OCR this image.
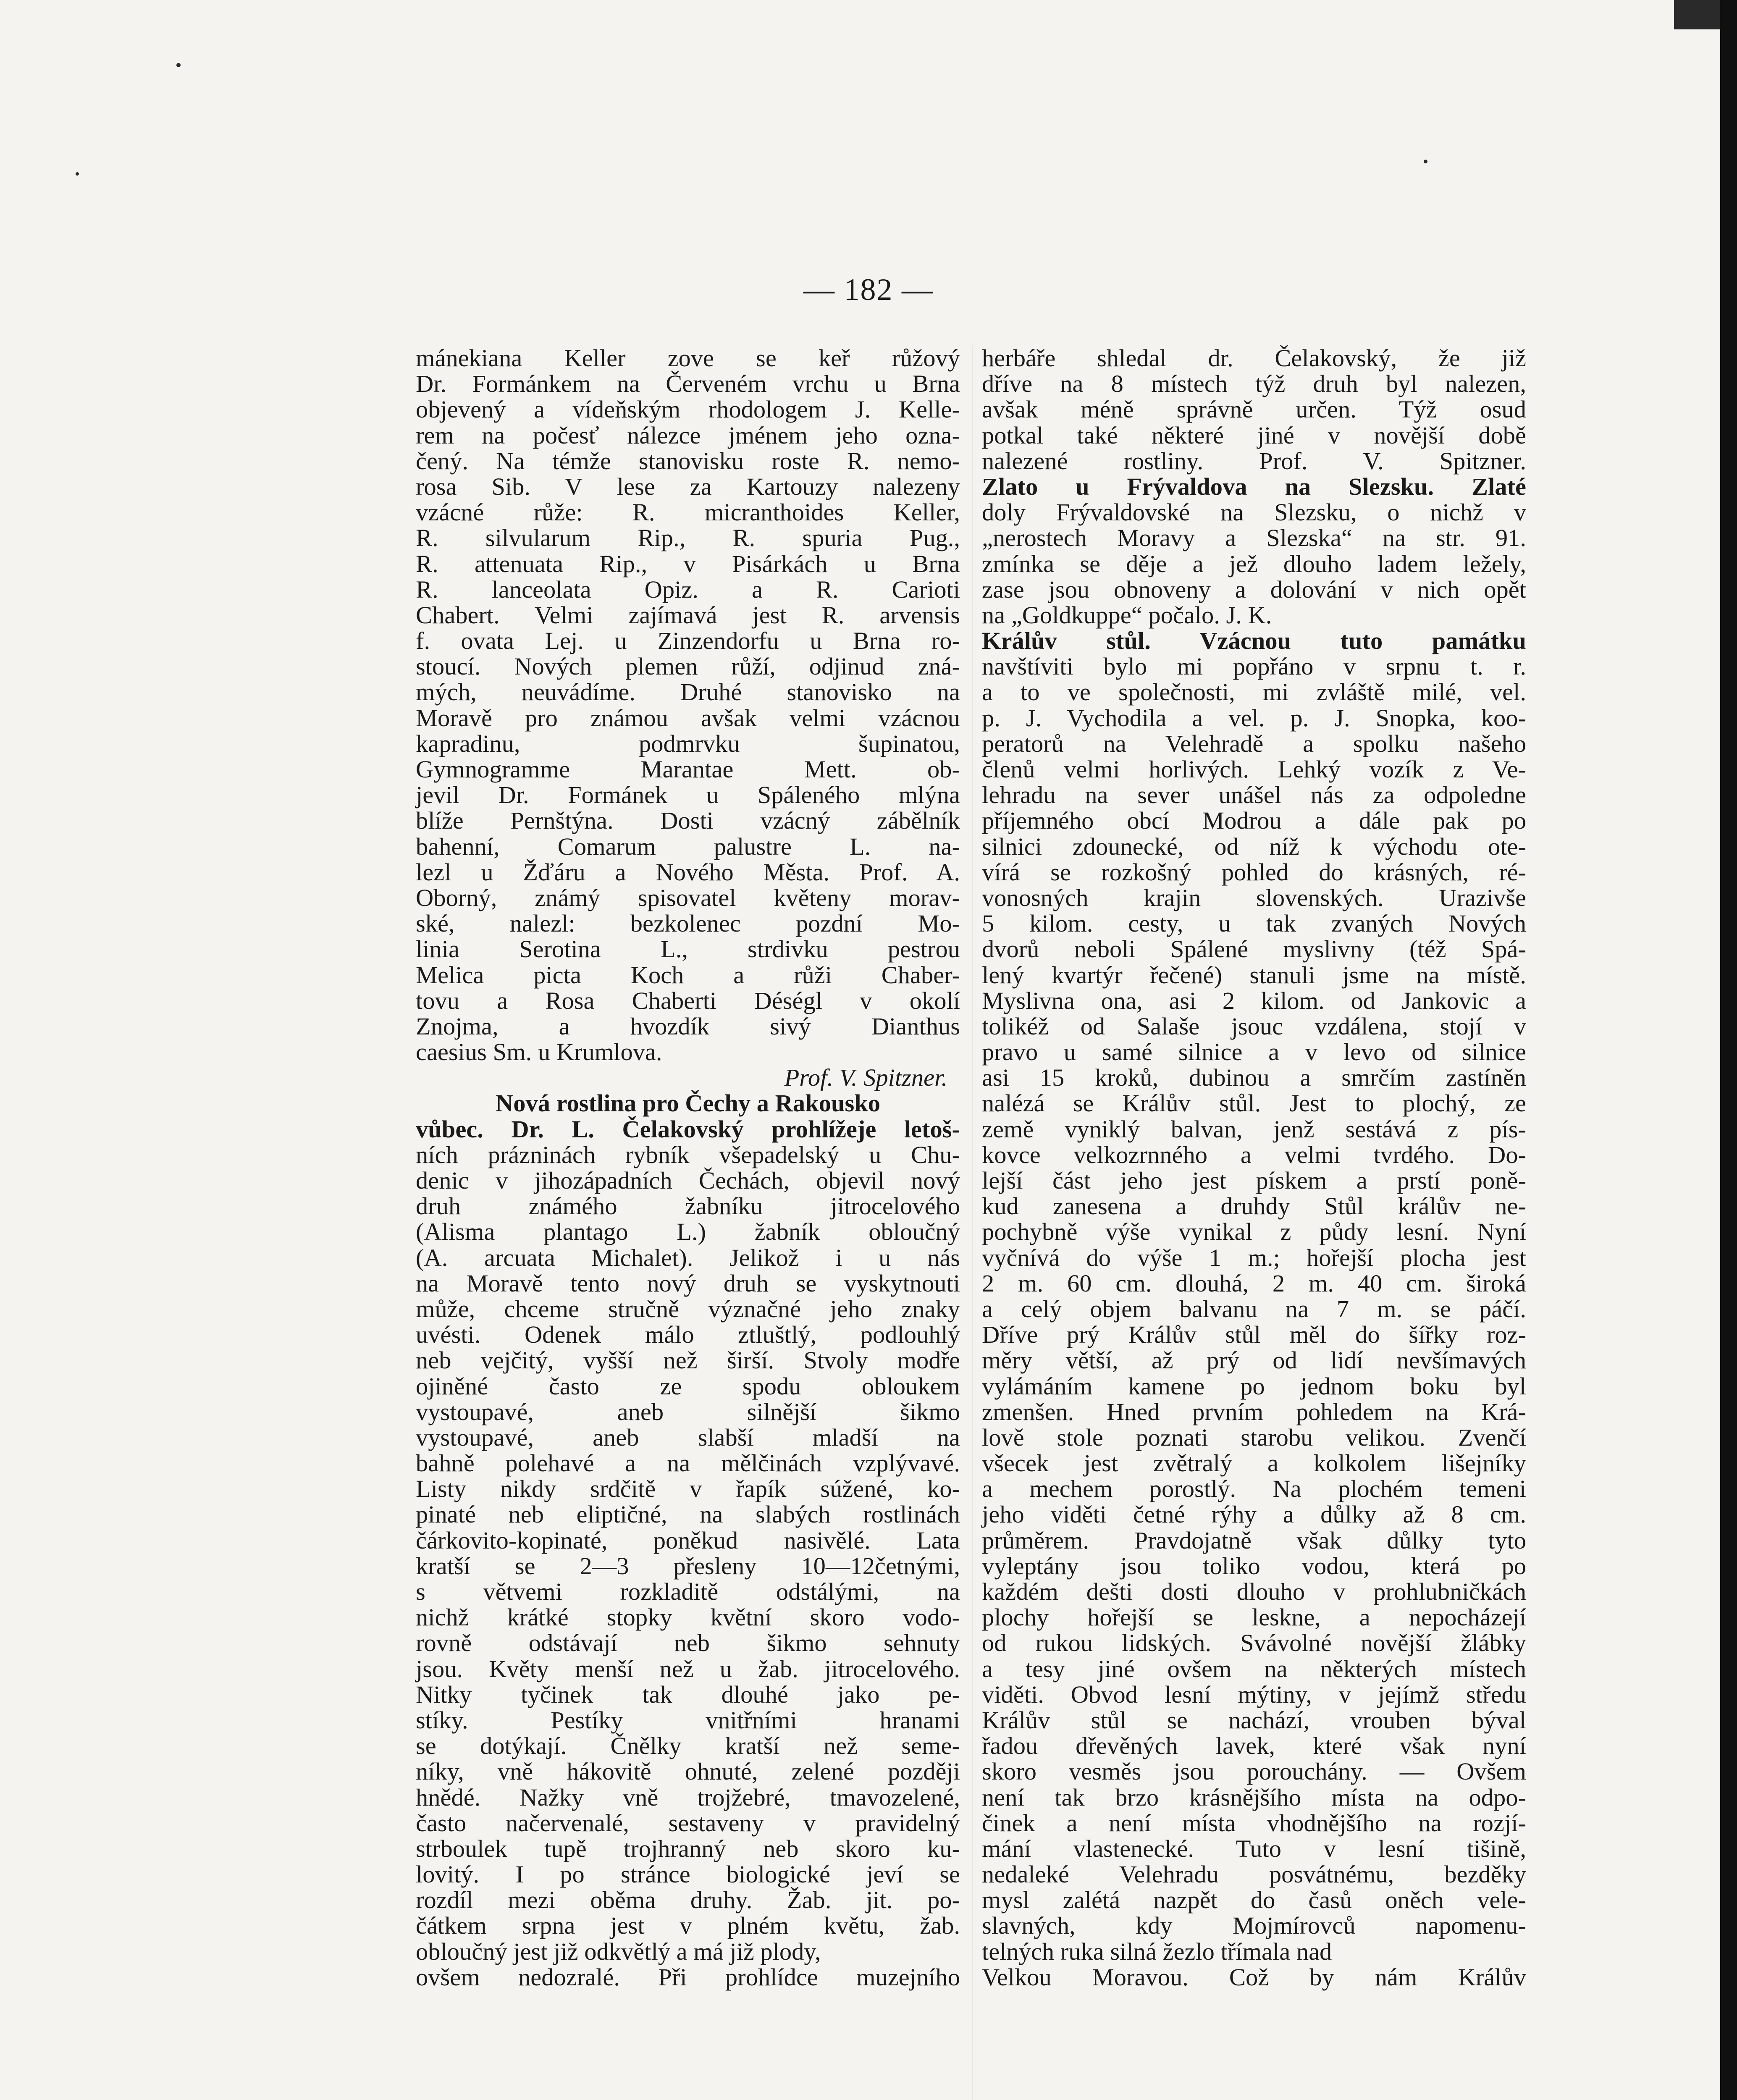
— 182 —
mánekiana Keller zove se keř růžový
Dr. Formánkem na Červeném vrchu u Brna
objevený a vídeňským rhodologem J. Kelle-
rem na počesť nálezce jménem jeho ozna-
čený. Na témže stanovisku roste R. nemo-
rosa Sib. V lese za Kartouzy nalezeny
vzácné růže: R. micranthoides Keller,
R. silvularum Rip., R. spuria Pug.,
R. attenuata Rip., v Pisárkách u Brna
R. lanceolata Opiz. a R. Carioti
Chabert. Velmi zajímavá jest R. arvensis
f. ovata Lej. u Zinzendorfu u Brna ro-
stoucí. Nových plemen růží, odjinud zná-
mých, neuvádíme. Druhé stanovisko na
Moravě pro známou avšak velmi vzácnou
kapradinu, podmrvku šupinatou,
Gymnogramme Marantae Mett. ob-
jevil Dr. Formánek u Spáleného mlýna
blíže Pernštýna. Dosti vzácný zábělník
bahenní, Comarum palustre L. na-
lezl u Žďáru a Nového Města. Prof. A.
Oborný, známý spisovatel květeny morav-
ské, nalezl: bezkolenec pozdní Mo-
linia Serotina L., strdivku pestrou
Melica picta Koch a růži Chaber-
tovu a Rosa Chaberti Déségl v okolí
Znojma, a hvozdík sivý Dianthus
caesius Sm. u Krumlova.
Prof. V. Spitzner.
Nová rostlina pro Čechy a Rakousko
vůbec. Dr. L. Čelakovský prohlížeje letoš-
ních prázninách rybník všepadelský u Chu-
denic v jihozápadních Čechách, objevil nový
druh známého žabníku jitrocelového
(Alisma plantago L.) žabník obloučný
(A. arcuata Michalet). Jelikož i u nás
na Moravě tento nový druh se vyskytnouti
může, chceme stručně význačné jeho znaky
uvésti. Odenek málo ztluštlý, podlouhlý
neb vejčitý, vyšší než širší. Stvoly modře
ojiněné často ze spodu obloukem
vystoupavé, aneb silnější šikmo
vystoupavé, aneb slabší mladší na
bahně polehavé a na mělčinách vzplývavé.
Listy nikdy srdčitě v řapík súžené, ko-
pinaté neb eliptičné, na slabých rostlinách
čárkovito-kopinaté, poněkud nasivělé. Lata
kratší se 2—3 přesleny 10—12četnými,
s větvemi rozkladitě odstálými, na
nichž krátké stopky květní skoro vodo-
rovně odstávají neb šikmo sehnuty
jsou. Květy menší než u žab. jitrocelového.
Nitky tyčinek tak dlouhé jako pe-
stíky. Pestíky vnitřními hranami
se dotýkají. Čnělky kratší než seme-
níky, vně hákovitě ohnuté, zelené později
hnědé. Nažky vně trojžebré, tmavozelené,
často načervenalé, sestaveny v pravidelný
strboulek tupě trojhranný neb skoro ku-
lovitý. I po stránce biologické jeví se
rozdíl mezi oběma druhy. Žab. jit. po-
čátkem srpna jest v plném květu, žab.
obloučný jest již odkvětlý a má již plody,
ovšem nedozralé. Při prohlídce muzejního
herbáře shledal dr. Čelakovský, že již
dříve na 8 místech týž druh byl nalezen,
avšak méně správně určen. Týž osud
potkal také některé jiné v novější době
nalezené rostliny. Prof. V. Spitzner.
Zlato u Frývaldova na Slezsku. Zlaté
doly Frývaldovské na Slezsku, o nichž v
„nerostech Moravy a Slezska“ na str. 91.
zmínka se děje a jež dlouho ladem ležely,
zase jsou obnoveny a dolování v nich opět
na „Goldkuppe“ počalo. J. K.
Králův stůl. Vzácnou tuto památku
navštíviti bylo mi popřáno v srpnu t. r.
a to ve společnosti, mi zvláště milé, vel.
p. J. Vychodila a vel. p. J. Snopka, koo-
peratorů na Velehradě a spolku našeho
členů velmi horlivých. Lehký vozík z Ve-
lehradu na sever unášel nás za odpoledne
příjemného obcí Modrou a dále pak po
silnici zdounecké, od níž k východu ote-
vírá se rozkošný pohled do krásných, ré-
vonosných krajin slovenských. Urazivše
5 kilom. cesty, u tak zvaných Nových
dvorů neboli Spálené myslivny (též Spá-
lený kvartýr řečené) stanuli jsme na místě.
Myslivna ona, asi 2 kilom. od Jankovic a
tolikéž od Salaše jsouc vzdálena, stojí v
pravo u samé silnice a v levo od silnice
asi 15 kroků, dubinou a smrčím zastíněn
nalézá se Králův stůl. Jest to plochý, ze
země vyniklý balvan, jenž sestává z pís-
kovce velkozrnného a velmi tvrdého. Do-
lejší část jeho jest pískem a prstí poně-
kud zanesena a druhdy Stůl králův ne-
pochybně výše vynikal z půdy lesní. Nyní
vyčnívá do výše 1 m.; hořejší plocha jest
2 m. 60 cm. dlouhá, 2 m. 40 cm. široká
a celý objem balvanu na 7 m. se páčí.
Dříve prý Králův stůl měl do šířky roz-
měry větší, až prý od lidí nevšímavých
vylámáním kamene po jednom boku byl
zmenšen. Hned prvním pohledem na Krá-
lově stole poznati starobu velikou. Zvenčí
všecek jest zvětralý a kolkolem lišejníky
a mechem porostlý. Na plochém temeni
jeho viděti četné rýhy a důlky až 8 cm.
průměrem. Pravdojatně však důlky tyto
vyleptány jsou toliko vodou, která po
každém dešti dosti dlouho v prohlubničkách
plochy hořejší se leskne, a nepocházejí
od rukou lidských. Svávolné novější žlábky
a tesy jiné ovšem na některých místech
viděti. Obvod lesní mýtiny, v jejímž středu
Králův stůl se nachází, vrouben býval
řadou dřevěných lavek, které však nyní
skoro vesměs jsou porouchány. — Ovšem
není tak brzo krásnějšího místa na odpo-
činek a není místa vhodnějšího na rozjí-
mání vlastenecké. Tuto v lesní tišině,
nedaleké Velehradu posvátnému, bezděky
mysl zalétá nazpět do časů oněch vele-
slavných, kdy Mojmírovců napomenu-
telných ruka silná žezlo třímala nad
Velkou Moravou. Což by nám Králův
